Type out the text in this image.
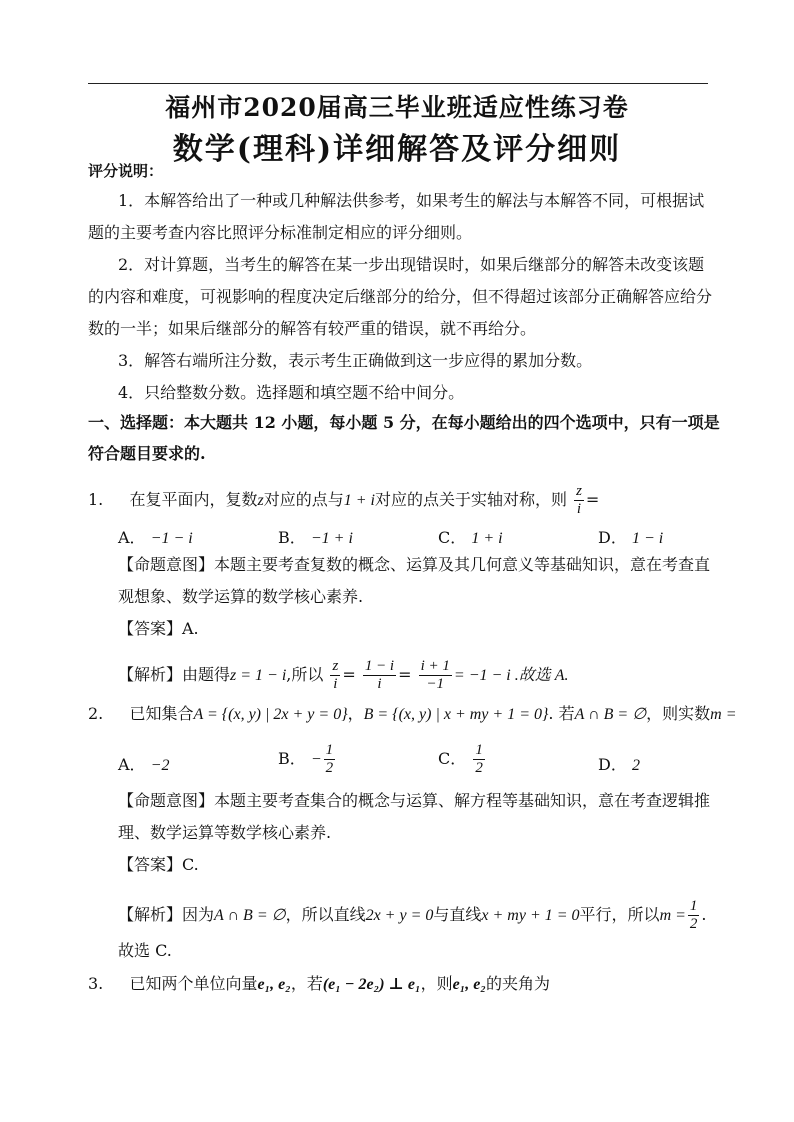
福州市2020届高三毕业班适应性练习卷
数学(理科)详细解答及评分细则
评分说明：
1．本解答给出了一种或几种解法供参考，如果考生的解法与本解答不同，可根据试
题的主要考查内容比照评分标准制定相应的评分细则。
2．对计算题，当考生的解答在某一步出现错误时，如果后继部分的解答未改变该题
的内容和难度，可视影响的程度决定后继部分的给分，但不得超过该部分正确解答应给分
数的一半；如果后继部分的解答有较严重的错误，就不再给分。
3．解答右端所注分数，表示考生正确做到这一步应得的累加分数。
4．只给整数分数。选择题和填空题不给中间分。
一、选择题：本大题共 12 小题，每小题 5 分，在每小题给出的四个选项中，只有一项是
符合题目要求的.
1. 在复平面内，复数z对应的点与1 + i对应的点关于实轴对称，则 $\frac{z}{i}$ =
A． −1 − i	B． −1 + i	C． 1 + i	D． 1 − i
【命题意图】本题主要考查复数的概念、运算及其几何意义等基础知识，意在考查直
观想象、数学运算的数学核心素养.
【答案】A.
【解析】由题得z = 1 − i,所以 $\frac{z}{i} = \frac{1 - i}{i} = \frac{i + 1}{-1} = -1 - i$ .故选 A.
2. 已知集合A = {(x, y) | 2x + y = 0}，B = {(x, y) | x + my + 1 = 0}. 若A ∩ B = ∅，则实数m =
A． −2	B． − $\frac{1}{2}$	C． $\frac{1}{2}$	D． 2
【命题意图】本题主要考查集合的概念与运算、解方程等基础知识，意在考查逻辑推
理、数学运算等数学核心素养.
【答案】C.
【解析】因为A ∩ B = ∅，所以直线2x + y = 0与直线x + my + 1 = 0平行，所以$m = \frac{1}{2}$ .
故选 C.
3. 已知两个单位向量e₁, e₂，若(e₁ − 2e₂) ⊥ e₁，则e₁, e₂的夹角为
